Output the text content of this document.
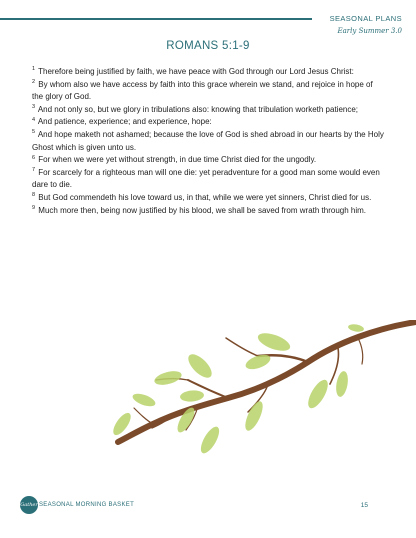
SEASONAL PLANS
Early Summer 3.0
ROMANS 5:1-9

$^1$ Therefore being justified by faith, we have peace with God through our Lord Jesus Christ:

$^2$ By whom also we have access by faith into this grace wherein we stand, and rejoice in hope of the glory of God.

$^3$ And not only so, but we glory in tribulations also: knowing that tribulation worketh patience;

$^4$ And patience, experience; and experience, hope:

$^5$ And hope maketh not ashamed; because the love of God is shed abroad in our hearts by the Holy Ghost which is given unto us.

$^6$ For when we were yet without strength, in due time Christ died for the ungodly.

$^7$ For scarcely for a righteous man will one die: yet peradventure for a good man some would even dare to die.

$^8$ But God commendeth his love toward us, in that, while we were yet sinners, Christ died for us.

$^9$ Much more then, being now justified by his blood, we shall be saved from wrath through him.

Gather SEASONAL MORNING BASKET	15
